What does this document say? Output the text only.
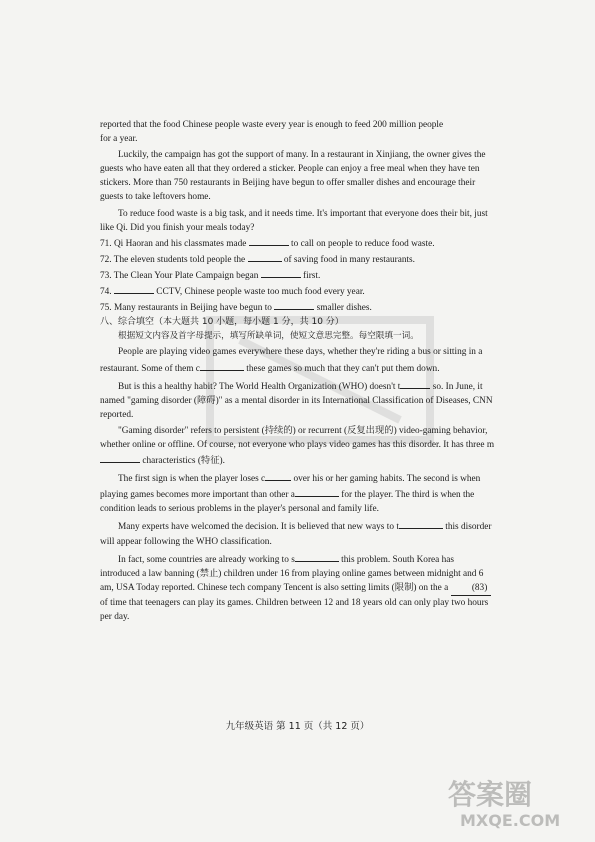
reported that the food Chinese people waste every year is enough to feed 200 million people

for a year.

Luckily, the campaign has got the support of many. In a restaurant in Xinjiang, the owner gives the guests who have eaten all that they ordered a sticker. People can enjoy a free meal when they have ten stickers. More than 750 restaurants in Beijing have begun to offer smaller dishes and encourage their guests to take leftovers home.

To reduce food waste is a big task, and it needs time. It's important that everyone does their bit, just like Qi. Did you finish your meals today?

71. Qi Haoran and his classmates made	to call on people to reduce food waste.

72. The eleven students told people the	of saving food in many restaurants.

73. The Clean Your Plate Campaign began	first.

74.	CCTV, Chinese people waste too much food every year.

75. Many restaurants in Beijing have begun to	smaller dishes.

八、综合填空（本大题共 10 小题，每小题 1 分，共 10 分）

根据短文内容及首字母提示，填写所缺单词，使短文意思完整。每空限填一词。

People are playing video games everywhere these days, whether they're riding a bus or sitting in a restaurant. Some of them c	these games so much that they can't put them down.

But is this a healthy habit? The World Health Organization (WHO) doesn't t	so. In June, it named "gaming disorder (障碍)" as a mental disorder in its International Classification of Diseases, CNN reported.

"Gaming disorder" refers to persistent (持续的) or recurrent (反复出现的) video-gaming behavior, whether online or offline. Of course, not everyone who plays video games has this disorder. It has three m characteristics (特征).

The first sign is when the player loses c	over his or her gaming habits. The second is when playing games becomes more important than other a	for the player. The third is when the condition leads to serious problems in the player's personal and family life.

Many experts have welcomed the decision. It is believed that new ways to t	this disorder will appear following the WHO classification.

In fact, some countries are already working to s	this problem. South Korea has introduced a law banning (禁止) children under 16 from playing online games between midnight and 6 am, USA Today reported. Chinese tech company Tencent is also setting limits (限制) on the a	(83) of time that teenagers can play its games. Children between 12 and 18 years old can only play two hours per day.

九年级英语 第 11 页（共 12 页）
答案圈
MXQE.COM
